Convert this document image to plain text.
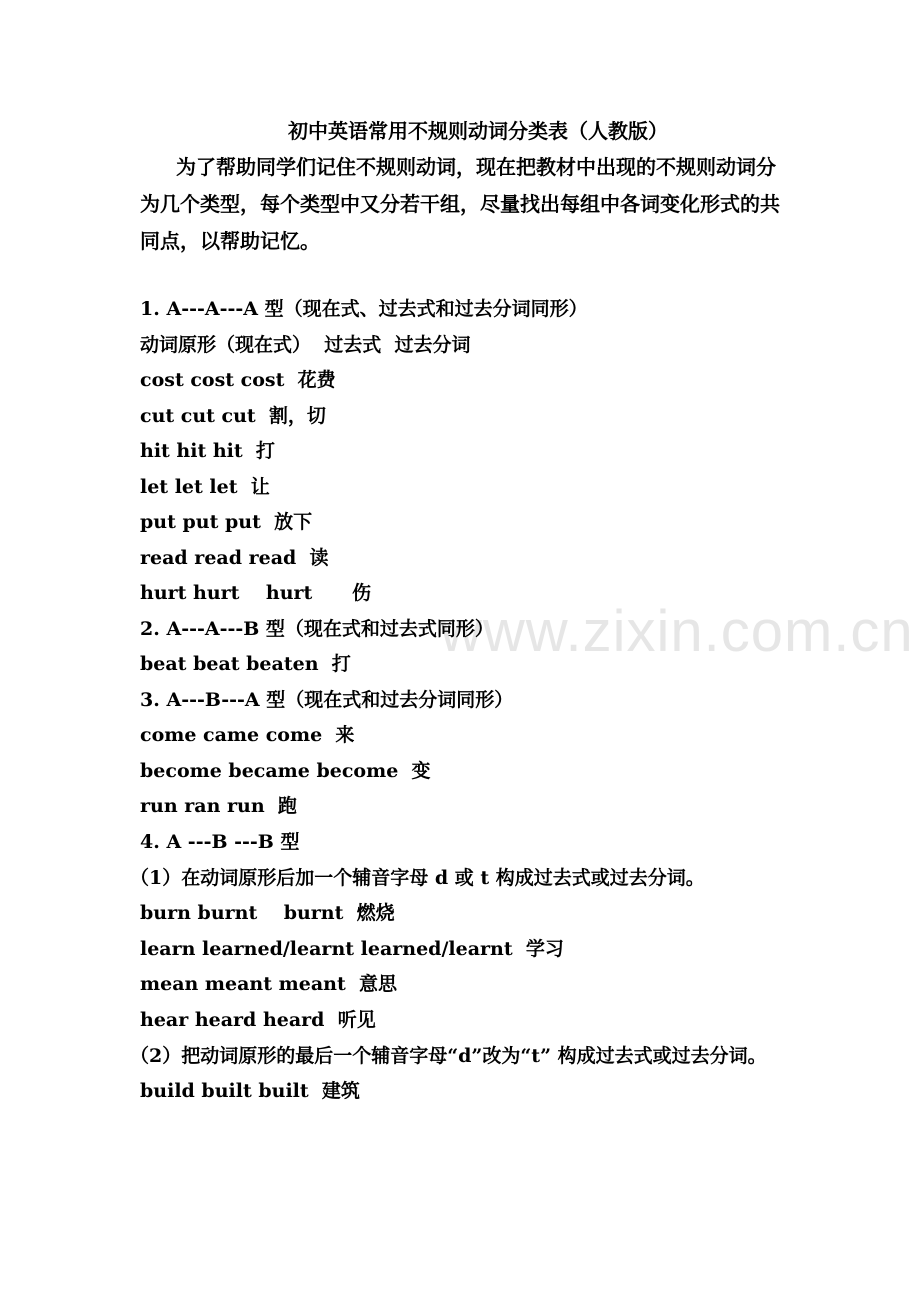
www.zixin.com.cn
初中英语常用不规则动词分类表（人教版）
为了帮助同学们记住不规则动词，现在把教材中出现的不规则动词分为几个类型，每个类型中又分若干组，尽量找出每组中各词变化形式的共同点，以帮助记忆。
1. A---A---A 型（现在式、过去式和过去分词同形）
动词原形（现在式）  过去式  过去分词
cost cost cost  花费
cut cut cut  割，切
hit hit hit  打
let let let  让
put put put  放下
read read read  读
hurt hurt    hurt      伤
2. A---A---B 型（现在式和过去式同形）
beat beat beaten  打
3. A---B---A 型（现在式和过去分词同形）
come came come  来
become became become  变
run ran run  跑
4. A ---B ---B 型
（1）在动词原形后加一个辅音字母 d 或 t 构成过去式或过去分词。
burn burnt    burnt  燃烧
learn learned/learnt learned/learnt  学习
mean meant meant  意思
hear heard heard  听见
（2）把动词原形的最后一个辅音字母“d”改为“t” 构成过去式或过去分词。
build built built  建筑
